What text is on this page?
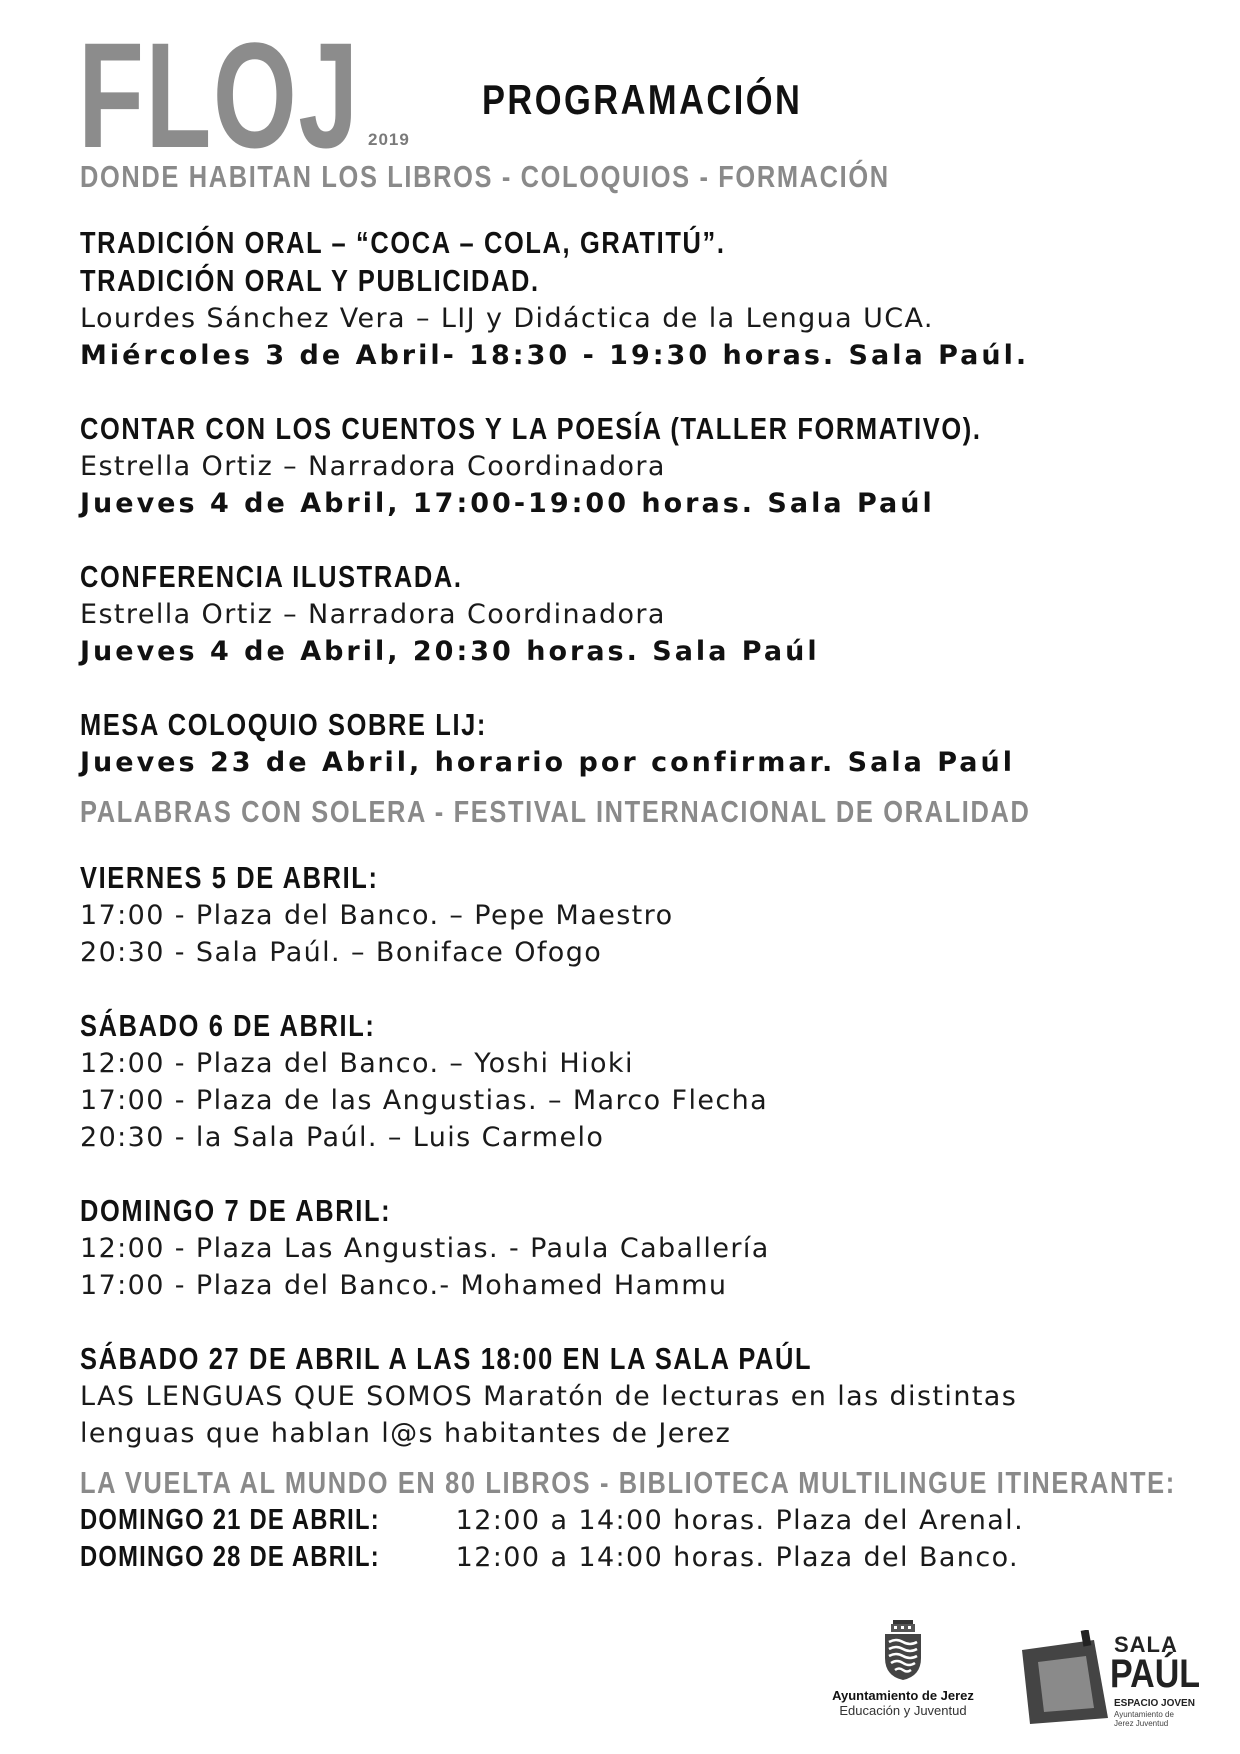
FLOJ 2019
PROGRAMACIÓN
DONDE HABITAN LOS LIBROS - COLOQUIOS - FORMACIÓN
TRADICIÓN ORAL – “COCA – COLA, GRATITÚ”.
TRADICIÓN ORAL Y PUBLICIDAD.
Lourdes Sánchez Vera – LIJ y Didáctica de la Lengua UCA.
Miércoles 3 de Abril- 18:30 - 19:30 horas. Sala Paúl.
CONTAR CON LOS CUENTOS Y LA POESÍA (TALLER FORMATIVO).
Estrella Ortiz – Narradora Coordinadora
Jueves 4 de Abril, 17:00-19:00 horas. Sala Paúl
CONFERENCIA ILUSTRADA.
Estrella Ortiz – Narradora Coordinadora
Jueves 4 de Abril, 20:30 horas. Sala Paúl
MESA COLOQUIO SOBRE LIJ:
Jueves 23 de Abril, horario por confirmar. Sala Paúl
PALABRAS CON SOLERA - FESTIVAL INTERNACIONAL DE ORALIDAD
VIERNES 5 DE ABRIL:
17:00 - Plaza del Banco. – Pepe Maestro
20:30 - Sala Paúl. – Boniface Ofogo
SÁBADO 6 DE ABRIL:
12:00 - Plaza del Banco. – Yoshi Hioki
17:00 - Plaza de las Angustias. – Marco Flecha
20:30 - la Sala Paúl. – Luis Carmelo
DOMINGO 7 DE ABRIL:
12:00 - Plaza Las Angustias. - Paula Caballería
17:00 - Plaza del Banco.- Mohamed Hammu
SÁBADO 27 DE ABRIL A LAS 18:00 EN LA SALA PAÚL
LAS LENGUAS QUE SOMOS Maratón de lecturas en las distintas
lenguas que hablan l@s habitantes de Jerez
LA VUELTA AL MUNDO EN 80 LIBROS - BIBLIOTECA MULTILINGUE ITINERANTE:
DOMINGO 21 DE ABRIL: 12:00 a 14:00 horas. Plaza del Arenal.
DOMINGO 28 DE ABRIL: 12:00 a 14:00 horas. Plaza del Banco.
Ayuntamiento de Jerez
Educación y Juventud
SALA
PAÚL
ESPACIO JOVEN
Ayuntamiento de Jerez Juventud
